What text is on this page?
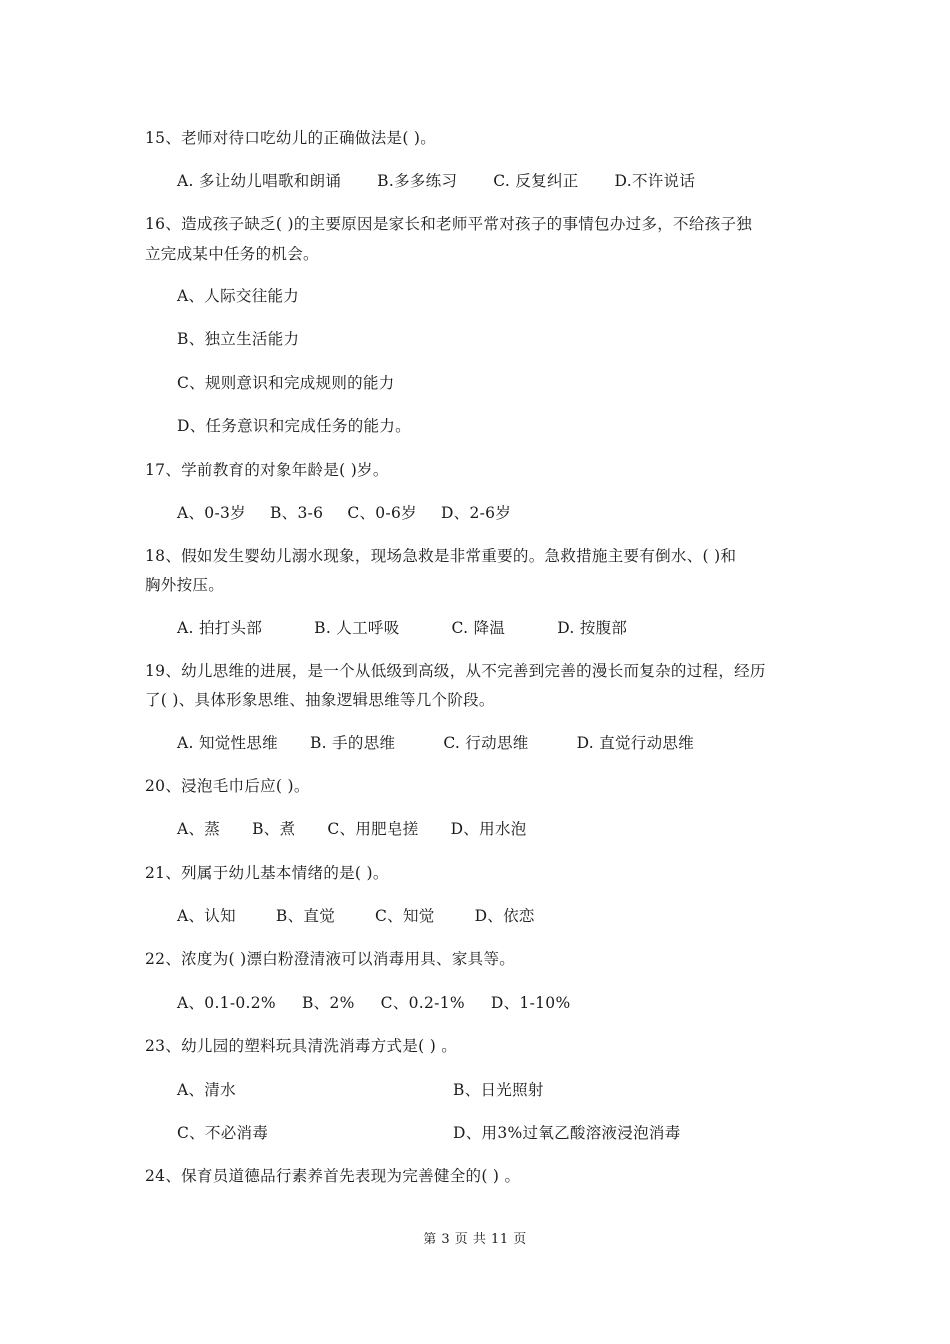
15、老师对待口吃幼儿的正确做法是( )。
A. 多让幼儿唱歌和朗诵 B.多多练习 C. 反复纠正 D.不许说话
16、造成孩子缺乏( )的主要原因是家长和老师平常对孩子的事情包办过多，不给孩子独
立完成某中任务的机会。
A、人际交往能力
B、独立生活能力
C、规则意识和完成规则的能力
D、任务意识和完成任务的能力。
17、学前教育的对象年龄是( )岁。
A、0-3岁 B、3-6 C、0-6岁 D、2-6岁
18、假如发生婴幼儿溺水现象，现场急救是非常重要的。急救措施主要有倒水、( )和
胸外按压。
A. 拍打头部	B. 人工呼吸	C. 降温	D. 按腹部
19、幼儿思维的进展，是一个从低级到高级，从不完善到完善的漫长而复杂的过程，经历
了( )、具体形象思维、抽象逻辑思维等几个阶段。
A. 知觉性思维 B. 手的思维	C. 行动思维	D. 直觉行动思维
20、浸泡毛巾后应( )。
A、蒸 B、煮 C、用肥皂搓 D、用水泡
21、列属于幼儿基本情绪的是( )。
A、认知	B、直觉	C、知觉	D、依恋
22、浓度为( )漂白粉澄清液可以消毒用具、家具等。
A、0.1-0.2% B、2% C、0.2-1% D、1-10%
23、幼儿园的塑料玩具清洗消毒方式是( ) 。
A、清水	B、日光照射
C、不必消毒	D、用3%过氧乙酸溶液浸泡消毒
24、保育员道德品行素养首先表现为完善健全的( ) 。
第 3 页 共 11 页
